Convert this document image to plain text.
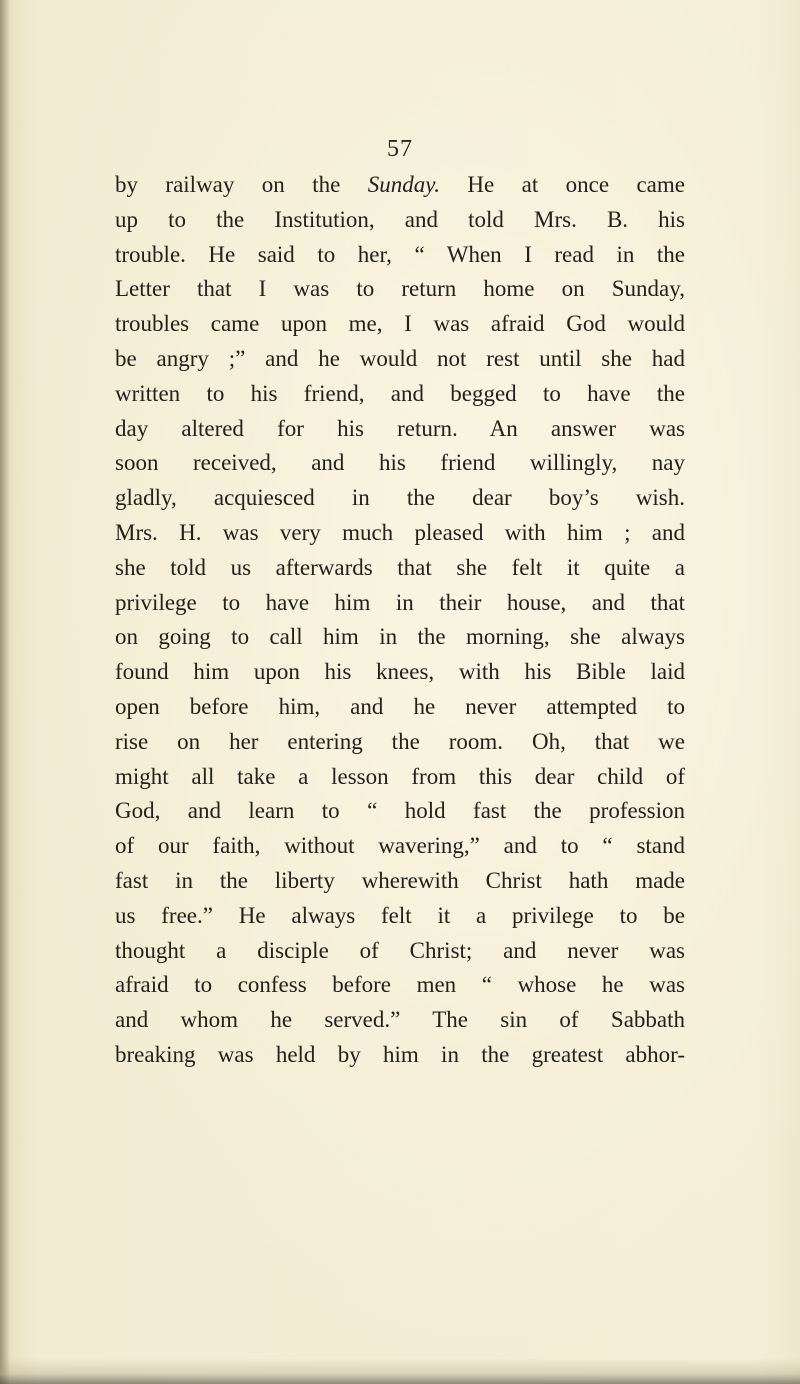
57
by railway on the Sunday. He at once came
up to the Institution, and told Mrs. B. his
trouble. He said to her, “ When I read in the
Letter that I was to return home on Sunday,
troubles came upon me, I was afraid God would
be angry ;” and he would not rest until she had
written to his friend, and begged to have the
day altered for his return. An answer was
soon received, and his friend willingly, nay
gladly, acquiesced in the dear boy’s wish.
Mrs. H. was very much pleased with him ; and
she told us afterwards that she felt it quite a
privilege to have him in their house, and that
on going to call him in the morning, she always
found him upon his knees, with his Bible laid
open before him, and he never attempted to
rise on her entering the room. Oh, that we
might all take a lesson from this dear child of
God, and learn to “ hold fast the profession
of our faith, without wavering,” and to “ stand
fast in the liberty wherewith Christ hath made
us free.” He always felt it a privilege to be
thought a disciple of Christ; and never was
afraid to confess before men “ whose he was
and whom he served.” The sin of Sabbath
breaking was held by him in the greatest abhor-
